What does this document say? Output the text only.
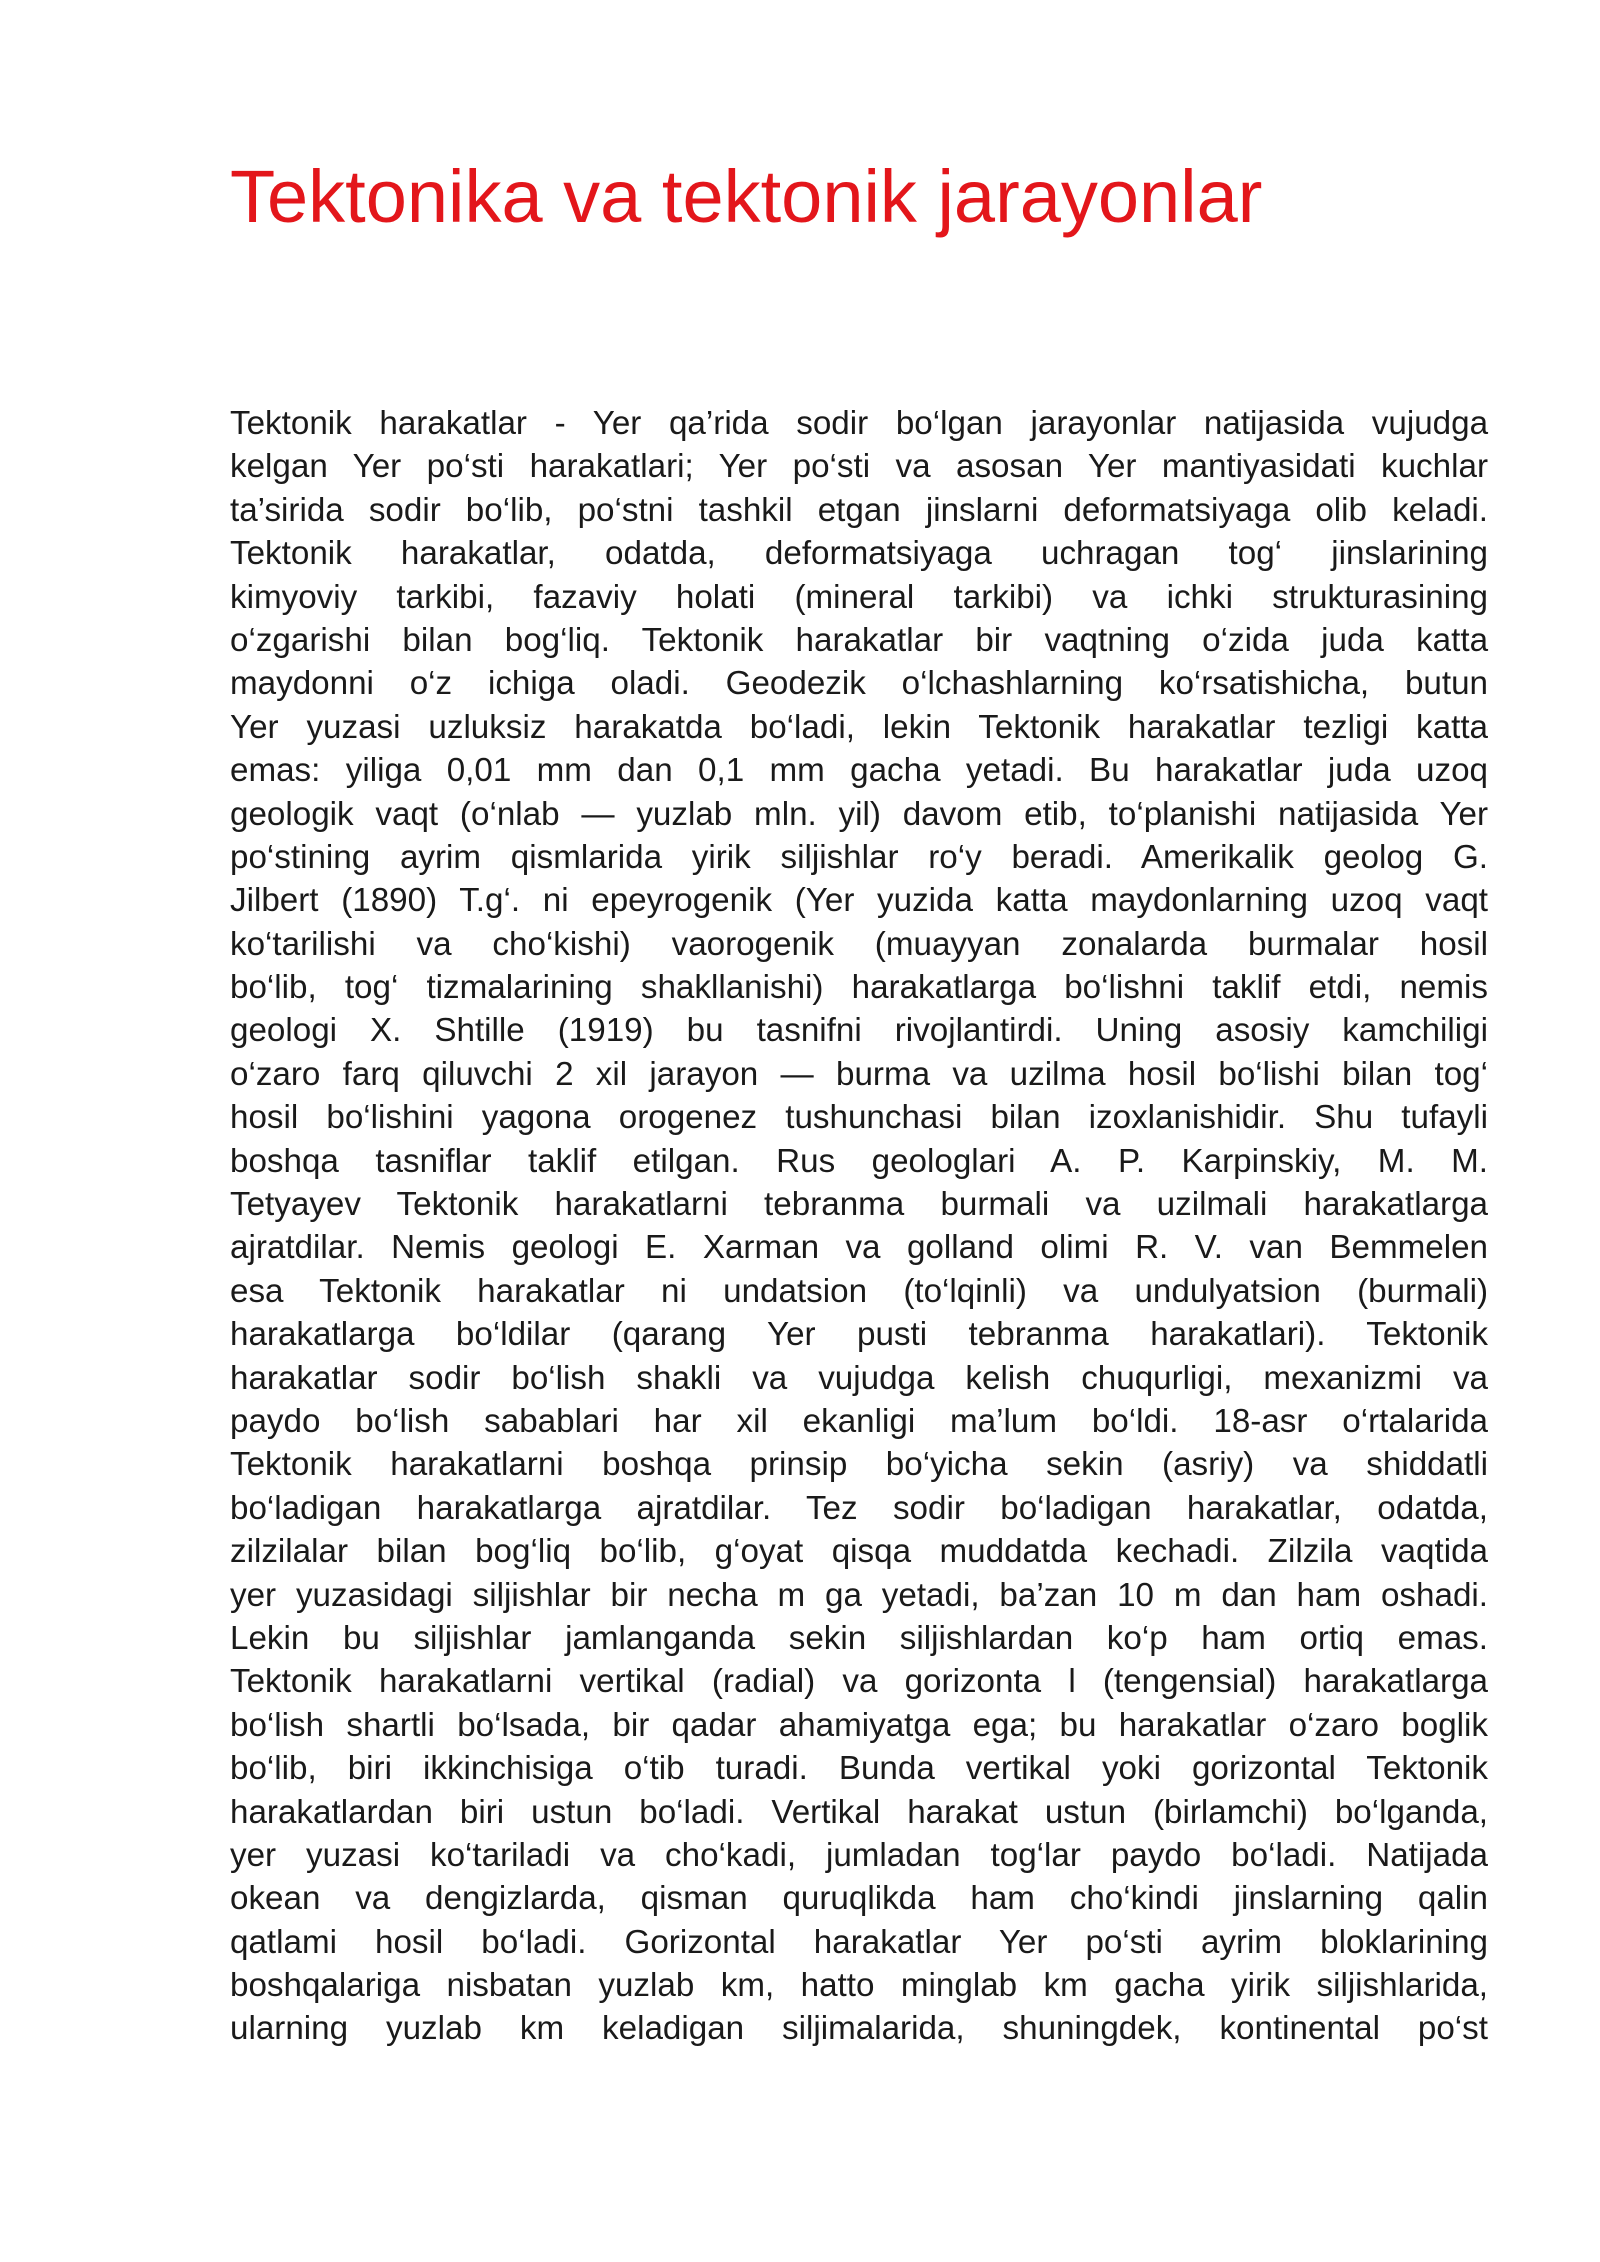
Tektonika va tektonik jarayonlar
Tektonik harakatlar - Yer qa’rida sodir bo‘lgan jarayonlar natijasida vujudga
kelgan Yer po‘sti harakatlari; Yer po‘sti va asosan Yer mantiyasidati kuchlar
ta’sirida sodir bo‘lib, po‘stni tashkil etgan jinslarni deformatsiyaga olib keladi.
Tektonik harakatlar, odatda, deformatsiyaga uchragan tog‘ jinslarining
kimyoviy tarkibi, fazaviy holati (mineral tarkibi) va ichki strukturasining
o‘zgarishi bilan bog‘liq. Tektonik harakatlar bir vaqtning o‘zida juda katta
maydonni o‘z ichiga oladi. Geodezik o‘lchashlarning ko‘rsatishicha, butun
Yer yuzasi uzluksiz harakatda bo‘ladi, lekin Tektonik harakatlar tezligi katta
emas: yiliga 0,01 mm dan 0,1 mm gacha yetadi. Bu harakatlar juda uzoq
geologik vaqt (o‘nlab — yuzlab mln. yil) davom etib, to‘planishi natijasida Yer
po‘stining ayrim qismlarida yirik siljishlar ro‘y beradi. Amerikalik geolog G.
Jilbert (1890) T.g‘. ni epeyrogenik (Yer yuzida katta maydonlarning uzoq vaqt
ko‘tarilishi va cho‘kishi) vaorogenik (muayyan zonalarda burmalar hosil
bo‘lib, tog‘ tizmalarining shakllanishi) harakatlarga bo‘lishni taklif etdi, nemis
geologi X. Shtille (1919) bu tasnifni rivojlantirdi. Uning asosiy kamchiligi
o‘zaro farq qiluvchi 2 xil jarayon — burma va uzilma hosil bo‘lishi bilan tog‘
hosil bo‘lishini yagona orogenez tushunchasi bilan izoxlanishidir. Shu tufayli
boshqa tasniflar taklif etilgan. Rus geologlari A. P. Karpinskiy, M. M.
Tetyayev Tektonik harakatlarni tebranma burmali va uzilmali harakatlarga
ajratdilar. Nemis geologi E. Xarman va golland olimi R. V. van Bemmelen
esa Tektonik harakatlar ni undatsion (to‘lqinli) va undulyatsion (burmali)
harakatlarga bo‘ldilar (qarang Yer pusti tebranma harakatlari). Tektonik
harakatlar sodir bo‘lish shakli va vujudga kelish chuqurligi, mexanizmi va
paydo bo‘lish sabablari har xil ekanligi ma’lum bo‘ldi. 18-asr o‘rtalarida
Tektonik harakatlarni boshqa prinsip bo‘yicha sekin (asriy) va shiddatli
bo‘ladigan harakatlarga ajratdilar. Tez sodir bo‘ladigan harakatlar, odatda,
zilzilalar bilan bog‘liq bo‘lib, g‘oyat qisqa muddatda kechadi. Zilzila vaqtida
yer yuzasidagi siljishlar bir necha m ga yetadi, ba’zan 10 m dan ham oshadi.
Lekin bu siljishlar jamlanganda sekin siljishlardan ko‘p ham ortiq emas.
Tektonik harakatlarni vertikal (radial) va gorizonta l (tengensial) harakatlarga
bo‘lish shartli bo‘lsada, bir qadar ahamiyatga ega; bu harakatlar o‘zaro boglik
bo‘lib, biri ikkinchisiga o‘tib turadi. Bunda vertikal yoki gorizontal Tektonik
harakatlardan biri ustun bo‘ladi. Vertikal harakat ustun (birlamchi) bo‘lganda,
yer yuzasi ko‘tariladi va cho‘kadi, jumladan tog‘lar paydo bo‘ladi. Natijada
okean va dengizlarda, qisman quruqlikda ham cho‘kindi jinslarning qalin
qatlami hosil bo‘ladi. Gorizontal harakatlar Yer po‘sti ayrim bloklarining
boshqalariga nisbatan yuzlab km, hatto minglab km gacha yirik siljishlarida,
ularning yuzlab km keladigan siljimalarida, shuningdek, kontinental po‘st
